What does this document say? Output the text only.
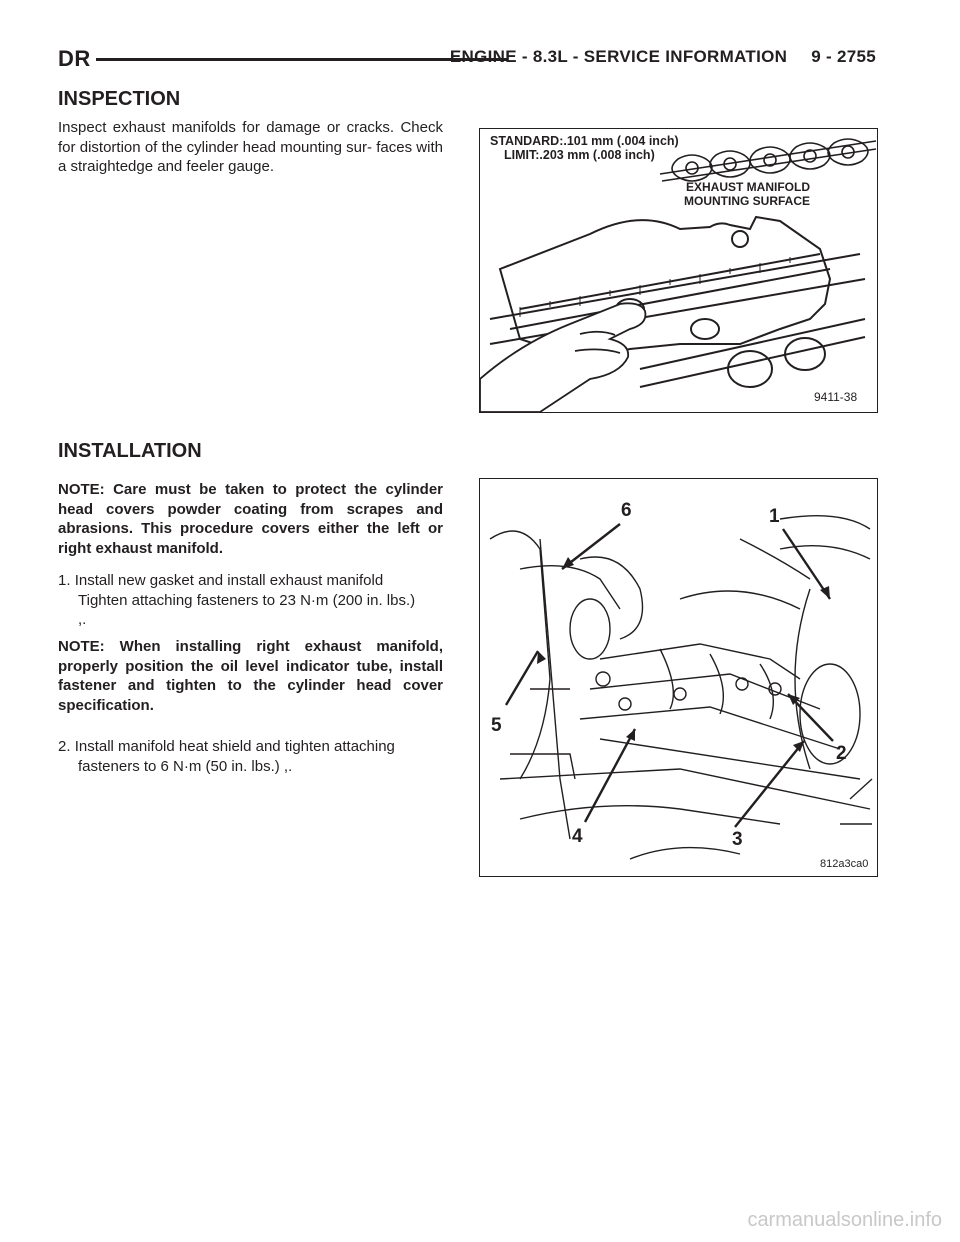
DR	ENGINE - 8.3L - SERVICE INFORMATION 9 - 2755
INSPECTION

Inspect exhaust manifolds for damage or cracks. Check for distortion of the cylinder head mounting sur- faces with a straightedge and feeler gauge.

STANDARD:.101 mm (.004 inch)
LIMIT:.203 mm (.008 inch)
EXHAUST MANIFOLD
MOUNTING SURFACE
9411-38
INSTALLATION

NOTE: Care must be taken to protect the cylinder head covers powder coating from scrapes and abrasions. This procedure covers either the left or right exhaust manifold.

1. Install new gasket and install exhaust manifold
Tighten attaching fasteners to 23 N·m (200 in. lbs.)
,.

NOTE: When installing right exhaust manifold, properly position the oil level indicator tube, install fastener and tighten to the cylinder head cover specification.

2. Install manifold heat shield and tighten attaching
fasteners to 6 N·m (50 in. lbs.) ,.
6	1
5
2
4	3
812a3ca0
carmanualsonline.info
